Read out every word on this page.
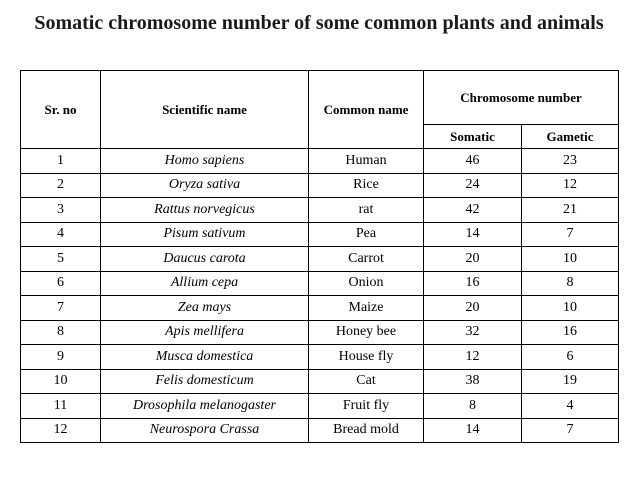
Somatic chromosome number of some common plants and animals
Sr. no	Scientific name	Common name	Chromosome number	
			Somatic	Gametic
1	Homo sapiens	Human	46	23
2	Oryza sativa	Rice	24	12
3	Rattus norvegicus	rat	42	21
4	Pisum sativum	Pea	14	7
5	Daucus carota	Carrot	20	10
6	Allium cepa	Onion	16	8
7	Zea mays	Maize	20	10
8	Apis mellifera	Honey bee	32	16
9	Musca domestica	House fly	12	6
10	Felis domesticum	Cat	38	19
11	Drosophila melanogaster	Fruit fly	8	4
12	Neurospora Crassa	Bread mold	14	7
